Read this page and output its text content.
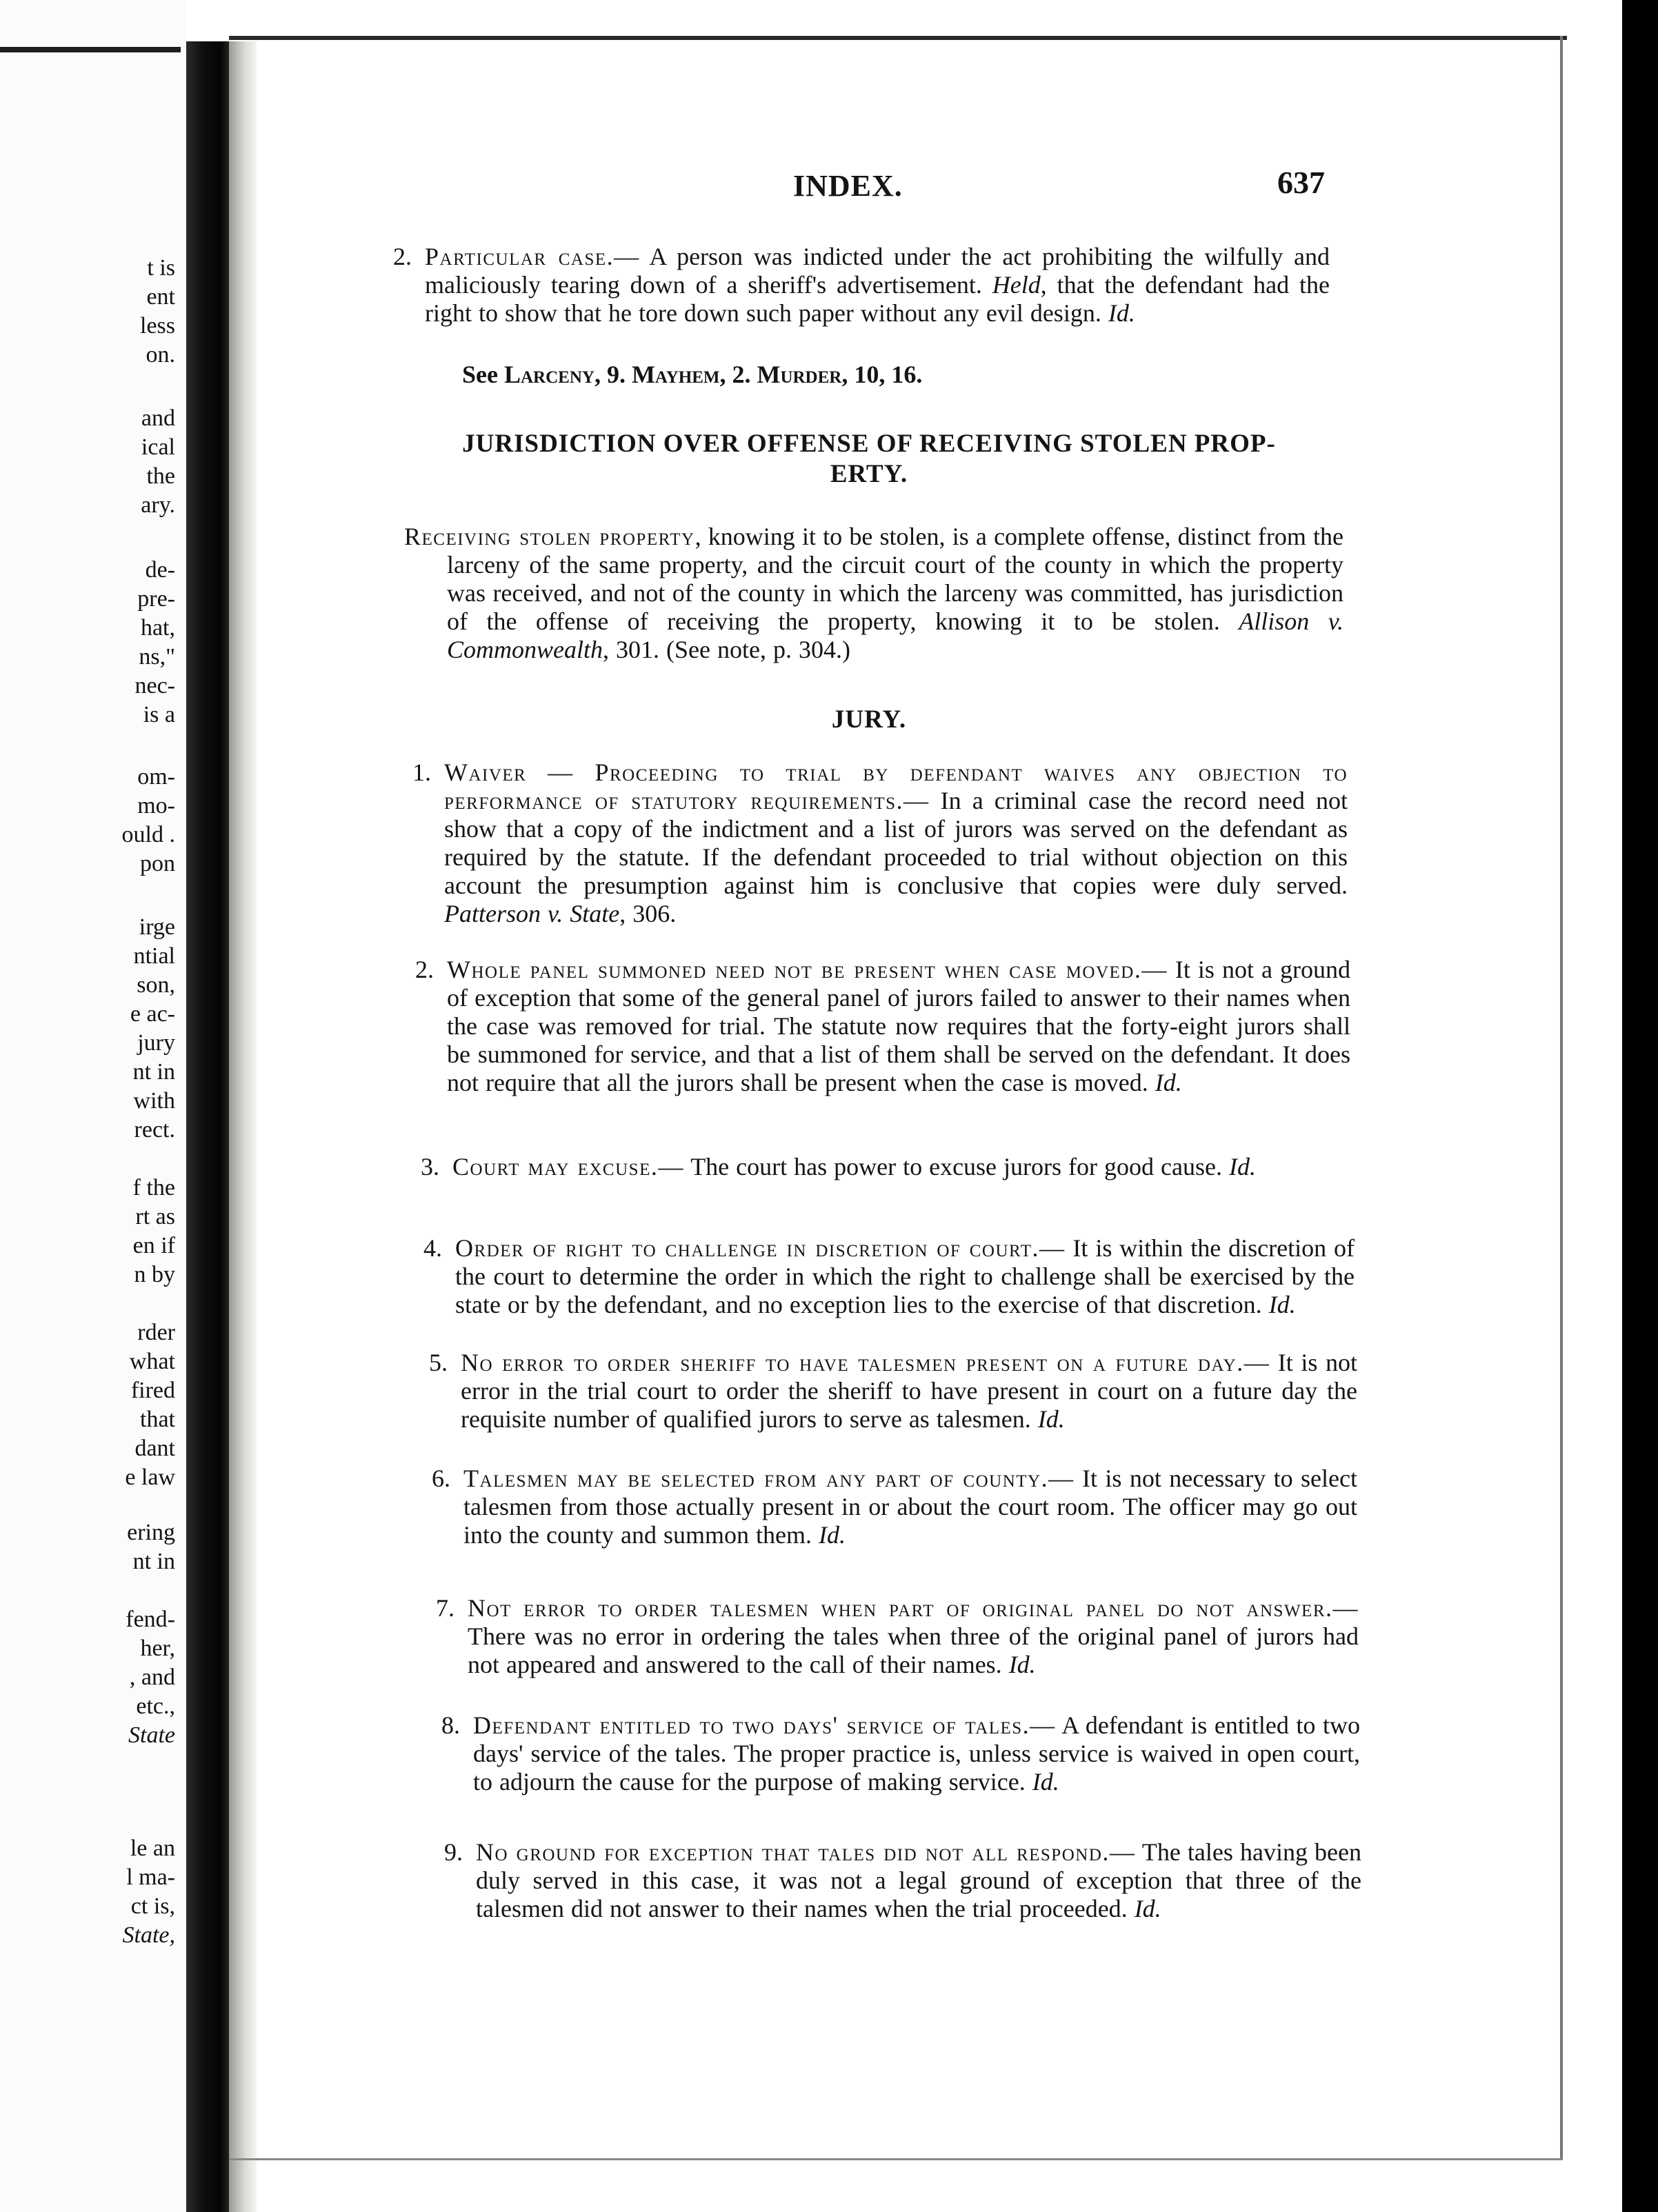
t is
ent
less
on.
and
ical
the
ary.
de-
pre-
hat,
ns,"
nec-
is a
om-
mo-
ould .
pon
irge
ntial
son,
e ac-
jury
nt in
with
rect.
f the
rt as
en if
n by
rder
what
fired
that
dant
e law
ering
nt in
fend-
her,
, and
etc.,
State
le an
l ma-
ct is,
State,
INDEX.	637
2. Particular case.— A person was indicted under the act prohibiting the wilfully and maliciously tearing down of a sheriff's advertisement. Held, that the defendant had the right to show that he tore down such paper without any evil design. Id.
See Larceny, 9. Mayhem, 2. Murder, 10, 16.
JURISDICTION OVER OFFENSE OF RECEIVING STOLEN PROP-
ERTY.
Receiving stolen property, knowing it to be stolen, is a complete offense, distinct from the larceny of the same property, and the circuit court of the county in which the property was received, and not of the county in which the larceny was committed, has jurisdiction of the offense of receiving the property, knowing it to be stolen. Allison v. Commonwealth, 301. (See note, p. 304.)
JURY.
1. Waiver — Proceeding to trial by defendant waives any objection to performance of statutory requirements.— In a criminal case the record need not show that a copy of the indictment and a list of jurors was served on the defendant as required by the statute. If the defendant proceeded to trial without objection on this account the presumption against him is conclusive that copies were duly served. Patterson v. State, 306.
2. Whole panel summoned need not be present when case moved.— It is not a ground of exception that some of the general panel of jurors failed to answer to their names when the case was removed for trial. The statute now requires that the forty-eight jurors shall be summoned for service, and that a list of them shall be served on the defendant. It does not require that all the jurors shall be present when the case is moved. Id.
3. Court may excuse.— The court has power to excuse jurors for good cause. Id.
4. Order of right to challenge in discretion of court.— It is within the discretion of the court to determine the order in which the right to challenge shall be exercised by the state or by the defendant, and no exception lies to the exercise of that discretion. Id.
5. No error to order sheriff to have talesmen present on a future day.— It is not error in the trial court to order the sheriff to have present in court on a future day the requisite number of qualified jurors to serve as talesmen. Id.
6. Talesmen may be selected from any part of county.— It is not necessary to select talesmen from those actually present in or about the court room. The officer may go out into the county and summon them. Id.
7. Not error to order talesmen when part of original panel do not answer.— There was no error in ordering the tales when three of the original panel of jurors had not appeared and answered to the call of their names. Id.
8. Defendant entitled to two days' service of tales.— A defendant is entitled to two days' service of the tales. The proper practice is, unless service is waived in open court, to adjourn the cause for the purpose of making service. Id.
9. No ground for exception that tales did not all respond.— The tales having been duly served in this case, it was not a legal ground of exception that three of the talesmen did not answer to their names when the trial proceeded. Id.
